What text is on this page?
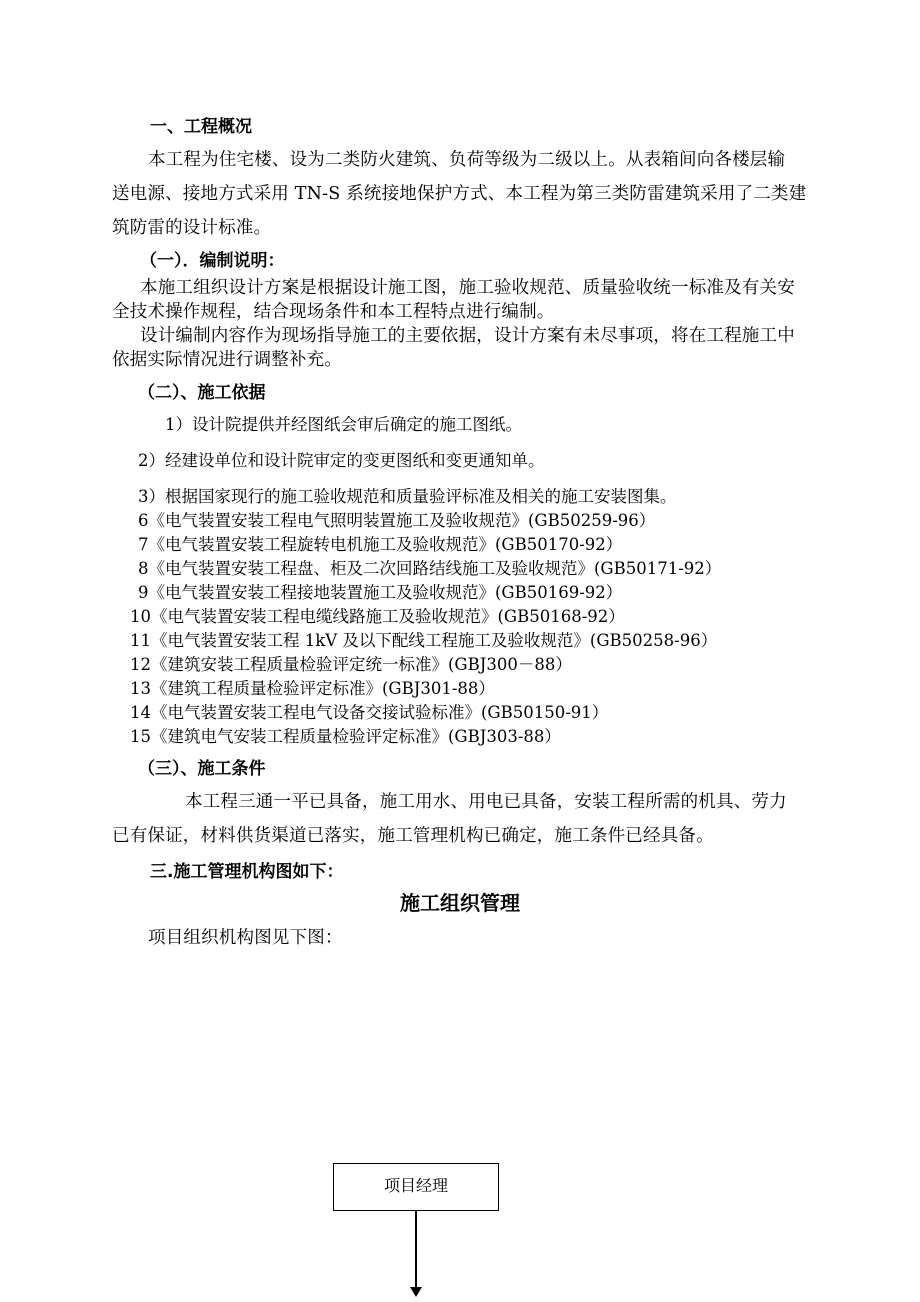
一、工程概况
本工程为住宅楼、设为二类防火建筑、负荷等级为二级以上。从表箱间向各楼层输
送电源、接地方式采用 TN-S 系统接地保护方式、本工程为第三类防雷建筑采用了二类建
筑防雷的设计标准。
（一）．编制说明：
本施工组织设计方案是根据设计施工图，施工验收规范、质量验收统一标准及有关安
全技术操作规程，结合现场条件和本工程特点进行编制。
设计编制内容作为现场指导施工的主要依据，设计方案有未尽事项，将在工程施工中
依据实际情况进行调整补充。
（二）、施工依据
1）设计院提供并经图纸会审后确定的施工图纸。
2）经建设单位和设计院审定的变更图纸和变更通知单。
3）根据国家现行的施工验收规范和质量验评标准及相关的施工安装图集。
6《电气装置安装工程电气照明装置施工及验收规范》(GB50259-96）
7《电气装置安装工程旋转电机施工及验收规范》(GB50170-92）
8《电气装置安装工程盘、柜及二次回路结线施工及验收规范》(GB50171-92）
9《电气装置安装工程接地装置施工及验收规范》(GB50169-92）
10《电气装置安装工程电缆线路施工及验收规范》(GB50168-92）
11《电气装置安装工程 1kV 及以下配线工程施工及验收规范》(GB50258-96）
12《建筑安装工程质量检验评定统一标准》(GBJ300－88）
13《建筑工程质量检验评定标准》(GBJ301-88）
14《电气装置安装工程电气设备交接试验标准》(GB50150-91）
15《建筑电气安装工程质量检验评定标准》(GBJ303-88）
（三）、施工条件
本工程三通一平已具备，施工用水、用电已具备，安装工程所需的机具、劳力
已有保证，材料供货渠道已落实，施工管理机构已确定，施工条件已经具备。
三.施工管理机构图如下：
施工组织管理
项目组织机构图见下图：
项目经理
